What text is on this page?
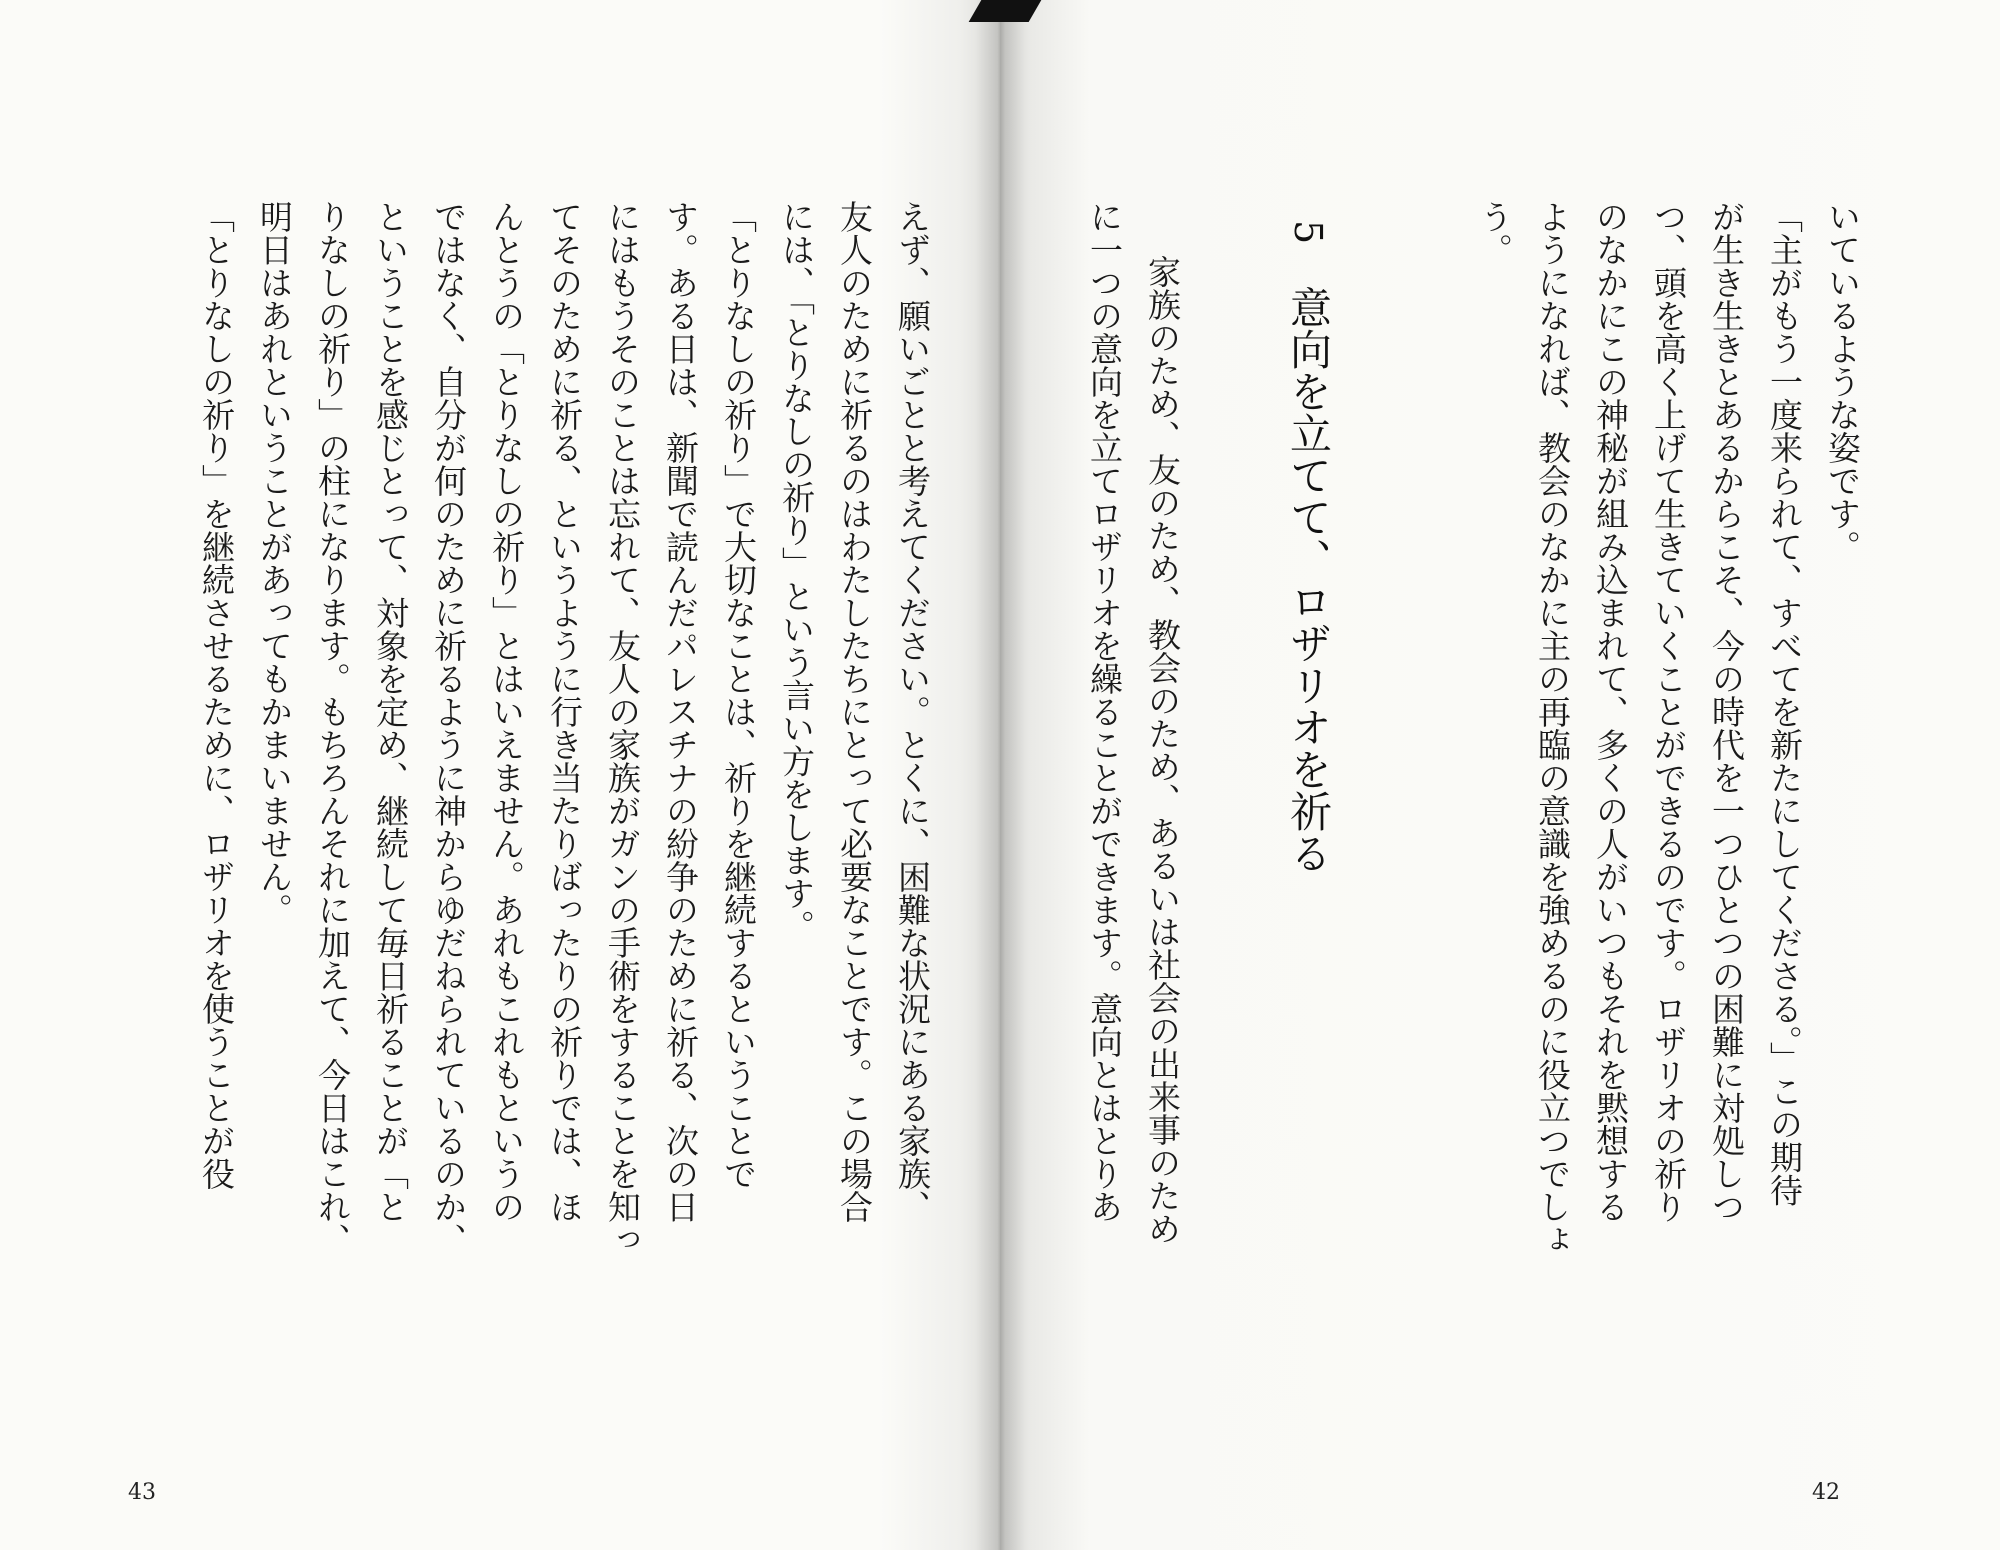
いているような姿です。
「主がもう一度来られて、すべてを新たにしてくださる。」この期待
が生き生きとあるからこそ、今の時代を一つひとつの困難に対処しつ
つ、頭を高く上げて生きていくことができるのです。ロザリオの祈り
のなかにこの神秘が組み込まれて、多くの人がいつもそれを黙想する
ようになれば、教会のなかに主の再臨の意識を強めるのに役立つでしょ
う。
5意向を立てて、ロザリオを祈る
家族のため、友のため、教会のため、あるいは社会の出来事のため
に一つの意向を立てロザリオを繰ることができます。意向とはとりあ
えず、願いごとと考えてください。とくに、困難な状況にある家族、
友人のために祈るのはわたしたちにとって必要なことです。この場合
には、「とりなしの祈り」という言い方をします。
「とりなしの祈り」で大切なことは、祈りを継続するということで
す。ある日は、新聞で読んだパレスチナの紛争のために祈る、次の日
にはもうそのことは忘れて、友人の家族がガンの手術をすることを知っ
てそのために祈る、というように行き当たりばったりの祈りでは、ほ
んとうの「とりなしの祈り」とはいえません。あれもこれもというの
ではなく、自分が何のために祈るように神からゆだねられているのか、
ということを感じとって、対象を定め、継続して毎日祈ることが「と
りなしの祈り」の柱になります。もちろんそれに加えて、今日はこれ、
明日はあれということがあってもかまいません。
「とりなしの祈り」を継続させるために、ロザリオを使うことが役
43	42
